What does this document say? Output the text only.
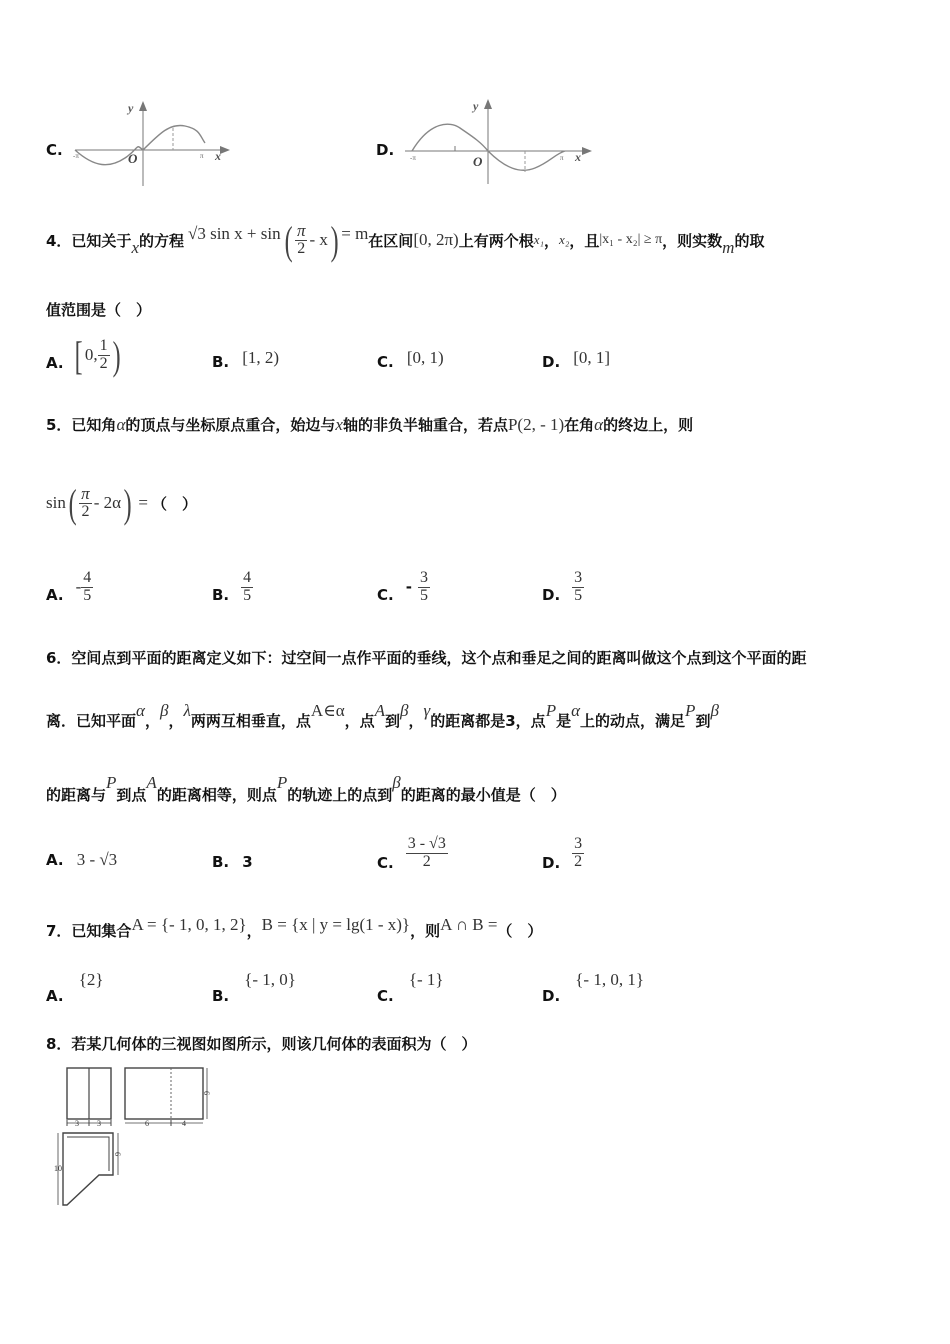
C.
y
x
O
-π	π	D.
y
x
O
-π	π
4．已知关于 x 的方程 √3 sin x + sin ( $\frac{\pi}{2}$ - x ) = m 在区间 [0, 2π) 上有两个根 x₁ ， x₂ ，且 |x₁ - x₂| ≥ π ，则实数 m 的取
值范围是（　）
A. [ 0, $\frac{1}{2}$ )	B. [1, 2)	C. [0, 1)	D. [0, 1]
5．已知角α的顶点与坐标原点重合，始边与x轴的非负半轴重合，若点P(2, - 1)在角α的终边上，则
sin ( $\frac{\pi}{2} - 2\alpha$ ) = （　）
A. - $\frac{4}{5}$	B. $\frac{4}{5}$	C. - $\frac{3}{5}$	D. $\frac{3}{5}$
6．空间点到平面的距离定义如下：过空间一点作平面的垂线，这个点和垂足之间的距离叫做这个点到这个平面的距
离．已知平面α，β，λ两两互相垂直，点A∈α，点A到β，γ的距离都是3，点P是α上的动点，满足P到β
的距离与P到点A的距离相等，则点P的轨迹上的点到β的距离的最小值是（　）
A. 3 - √3	B. 3	C. $\frac{3 - √3}{2}$	D. $\frac{3}{2}$
7．已知集合A = {- 1, 0, 1, 2}，B = {x | y = lg(1 - x)}，则A ∩ B =（　）
A. {2}
B. {- 1, 0}
C. {- 1}
D. {- 1, 0, 1}
8．若某几何体的三视图如图所示，则该几何体的表面积为（　）
3 3	6	4
6
10
6
